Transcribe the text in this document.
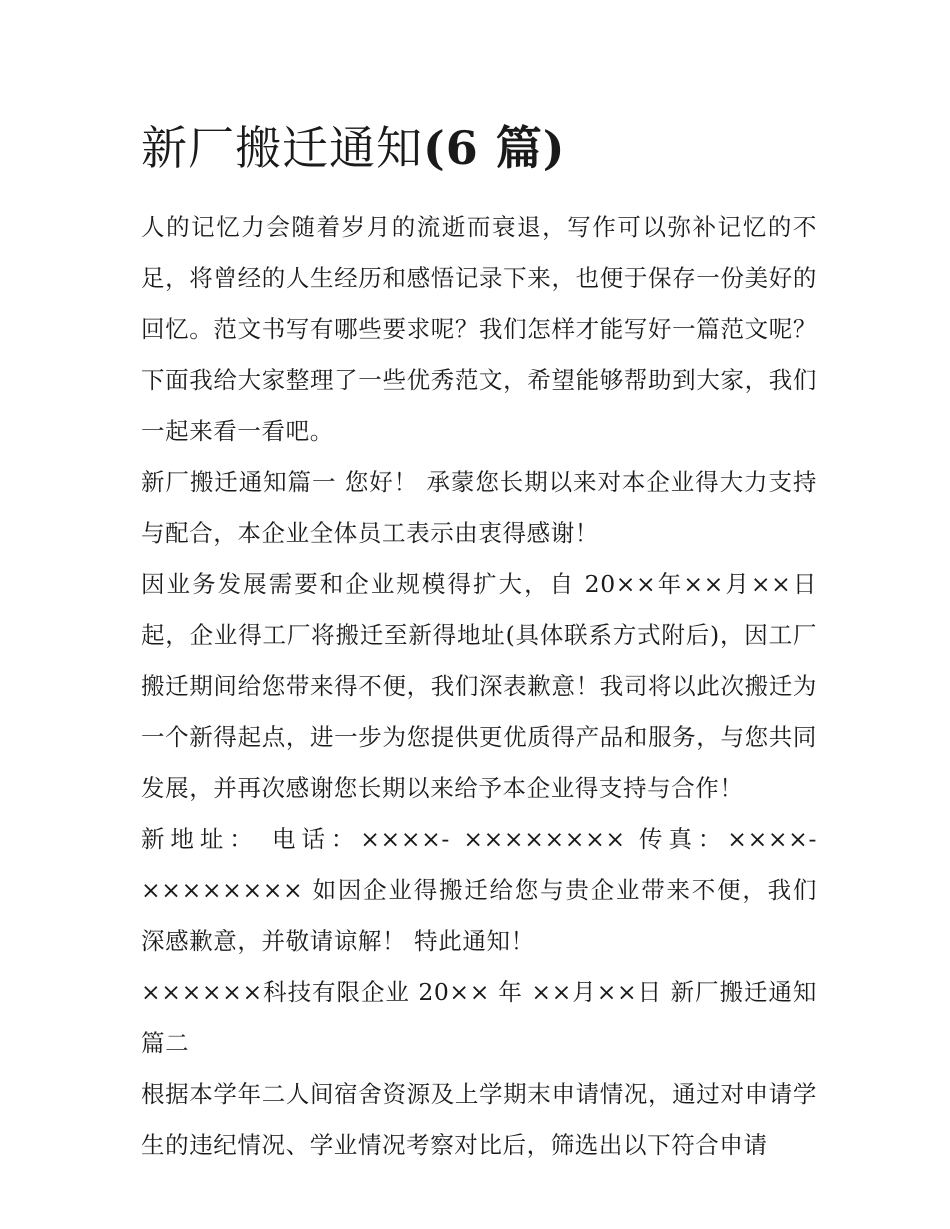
新厂搬迁通知(6 篇)

人的记忆力会随着岁月的流逝而衰退，写作可以弥补记忆的不足，将曾经的人生经历和感悟记录下来，也便于保存一份美好的回忆。范文书写有哪些要求呢？我们怎样才能写好一篇范文呢？下面我给大家整理了一些优秀范文，希望能够帮助到大家，我们一起来看一看吧。

新厂搬迁通知篇一 您好！ 承蒙您长期以来对本企业得大力支持与配合，本企业全体员工表示由衷得感谢！

因业务发展需要和企业规模得扩大，自 20××年××月××日起，企业得工厂将搬迁至新得地址(具体联系方式附后)，因工厂搬迁期间给您带来得不便，我们深表歉意！我司将以此次搬迁为一个新得起点，进一步为您提供更优质得产品和服务，与您共同发展，并再次感谢您长期以来给予本企业得支持与合作！

新地址： 电话：××××- ×××××××× 传真：××××- ×××××××× 如因企业得搬迁给您与贵企业带来不便，我们深感歉意，并敬请谅解！ 特此通知！

××××××科技有限企业 20×× 年 ××月××日 新厂搬迁通知篇二

根据本学年二人间宿舍资源及上学期末申请情况，通过对申请学生的违纪情况、学业情况考察对比后，筛选出以下符合申请
